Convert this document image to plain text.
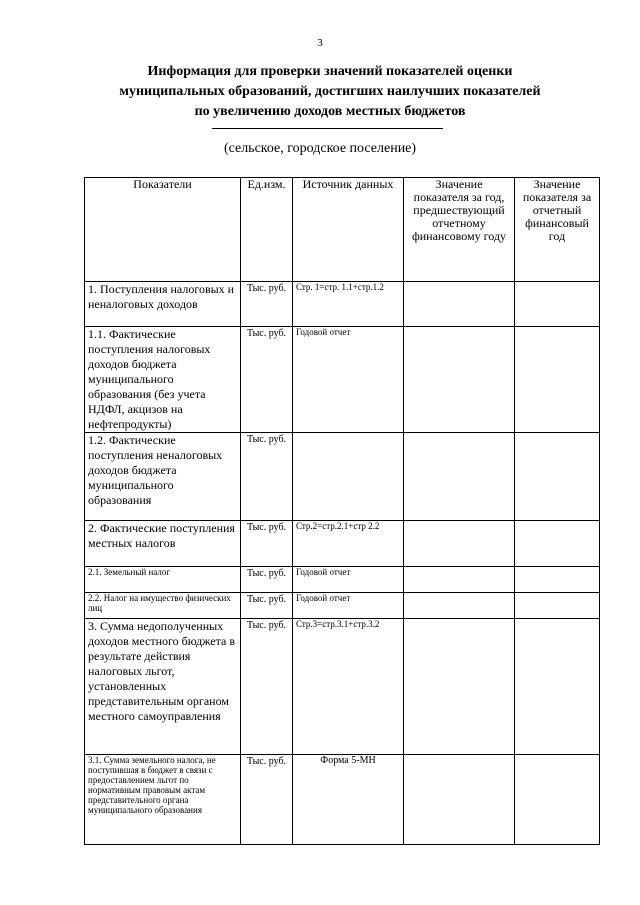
3
Информация для проверки значений показателей оценки
муниципальных образований, достигших наилучших показателей
по увеличению доходов местных бюджетов
(сельское, городское поселение)
Показатели	Ед.изм.	Источник данных	Значение показателя за год, предшествующий отчетному финансовому году	Значение показателя за отчетный финансовый год
1. Поступления налоговых и неналоговых доходов	Тыс. руб.	Стр. 1=стр. 1.1+стр.1.2		
1.1. Фактические поступления налоговых доходов бюджета муниципального образования (без учета НДФЛ, акцизов на нефтепродукты)	Тыс. руб.	Годовой отчет		
1.2. Фактические поступления неналоговых доходов бюджета муниципального образования	Тыс. руб.			
2. Фактические поступления местных налогов	Тыс. руб.	Стр.2=стр.2.1+стр 2.2		
2.1. Земельный налог	Тыс. руб.	Годовой отчет		
2.2. Налог на имущество физических лиц	Тыс. руб.	Годовой отчет		
3. Сумма недополученных доходов местного бюджета в результате действия налоговых льгот, установленных представительным органом местного самоуправления	Тыс. руб.	Стр.3=стр.3.1+стр.3.2		
3.1. Сумма земельного налога, не поступившая в бюджет в связи с предоставлением льгот по нормативным правовым актам представительного органа муниципального образования	Тыс. руб.	Форма 5-МН		
